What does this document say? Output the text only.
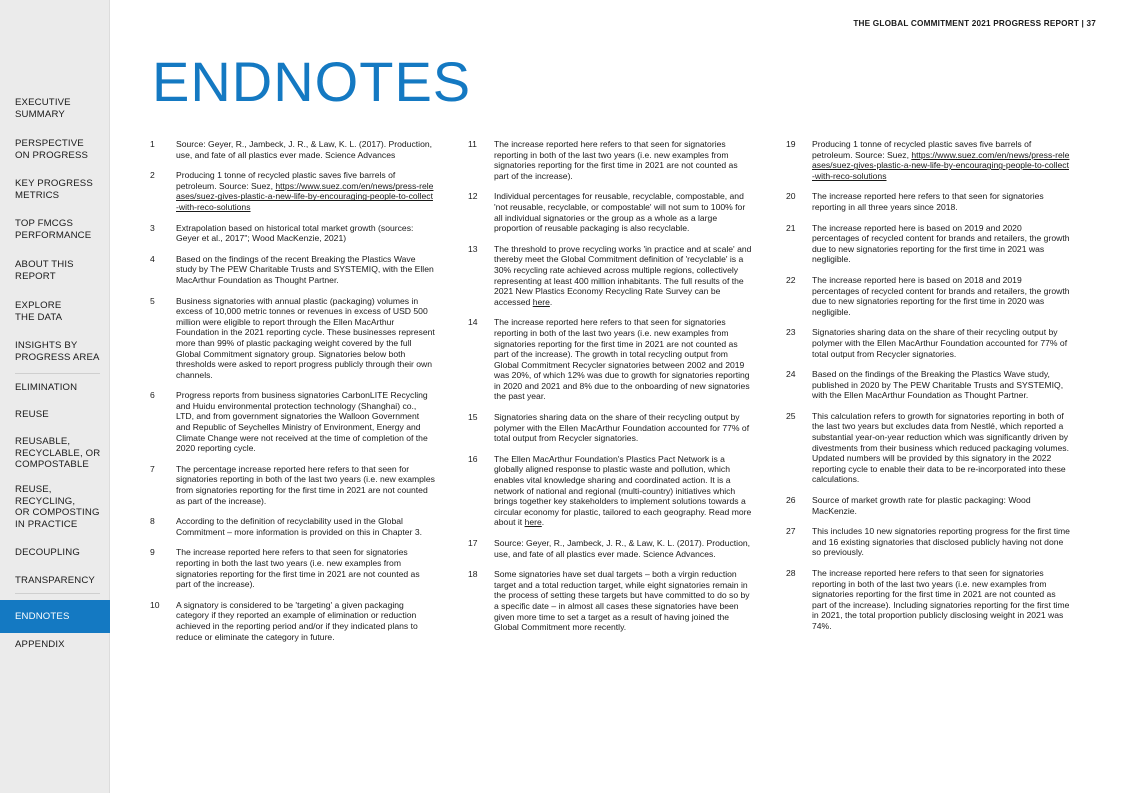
EXECUTIVE
SUMMARY
PERSPECTIVE
ON PROGRESS
KEY PROGRESS
METRICS
TOP FMCGS
PERFORMANCE
ABOUT THIS
REPORT
EXPLORE
THE DATA
INSIGHTS BY
PROGRESS AREA
ELIMINATION
REUSE
REUSABLE,
RECYCLABLE, OR
COMPOSTABLE
REUSE,
RECYCLING,
OR COMPOSTING
IN PRACTICE
DECOUPLING
TRANSPARENCY
ENDNOTES
APPENDIX
THE GLOBAL COMMITMENT 2021 PROGRESS REPORT | 37
ENDNOTES
1	Source: Geyer, R., Jambeck, J. R., & Law, K. L. (2017). Production, use, and fate of all plastics ever made. Science Advances
2	Producing 1 tonne of recycled plastic saves five barrels of petroleum. Source: Suez, https://www.suez.com/en/news/press-releases/suez-gives-plastic-a-new-life-by-encouraging-people-to-collect-with-reco-solutions
3	Extrapolation based on historical total market growth (sources: Geyer et al., 2017"; Wood MacKenzie, 2021)
4	Based on the findings of the recent Breaking the Plastics Wave study by The PEW Charitable Trusts and SYSTEMIQ, with the Ellen MacArthur Foundation as Thought Partner.
5	Business signatories with annual plastic (packaging) volumes in excess of 10,000 metric tonnes or revenues in excess of USD 500 million were eligible to report through the Ellen MacArthur Foundation in the 2021 reporting cycle. These businesses represent more than 99% of plastic packaging weight covered by the full Global Commitment signatory group. Signatories below both thresholds were asked to report progress publicly through their own channels.
6	Progress reports from business signatories CarbonLITE Recycling and Huidu environmental protection technology (Shanghai) co., LTD, and from government signatories the Walloon Government and Republic of Seychelles Ministry of Environment, Energy and Climate Change were not received at the time of completion of the 2020 reporting cycle.
7	The percentage increase reported here refers to that seen for signatories reporting in both of the last two years (i.e. new examples from signatories reporting for the first time in 2021 are not counted as part of the increase).
8	According to the definition of recyclability used in the Global Commitment – more information is provided on this in Chapter 3.
9	The increase reported here refers to that seen for signatories reporting in both the last two years (i.e. new examples from signatories reporting for the first time in 2021 are not counted as part of the increase).
10	A signatory is considered to be 'targeting' a given packaging category if they reported an example of elimination or reduction achieved in the reporting period and/or if they indicated plans to reduce or eliminate the category in future.
11	The increase reported here refers to that seen for signatories reporting in both of the last two years (i.e. new examples from signatories reporting for the first time in 2021 are not counted as part of the increase).
12	Individual percentages for reusable, recyclable, compostable, and 'not reusable, recyclable, or compostable' will not sum to 100% for all individual signatories or the group as a whole as a large proportion of reusable packaging is also recyclable.
13	The threshold to prove recycling works 'in practice and at scale' and thereby meet the Global Commitment definition of 'recyclable' is a 30% recycling rate achieved across multiple regions, collectively representing at least 400 million inhabitants. The full results of the 2021 New Plastics Economy Recycling Rate Survey can be accessed here.
14	The increase reported here refers to that seen for signatories reporting in both of the last two years (i.e. new examples from signatories reporting for the first time in 2021 are not counted as part of the increase). The growth in total recycling output from Global Commitment Recycler signatories between 2002 and 2019 was 20%, of which 12% was due to growth for signatories reporting in 2020 and 2021 and 8% due to the onboarding of new signatories the past year.
15	Signatories sharing data on the share of their recycling output by polymer with the Ellen MacArthur Foundation accounted for 77% of total output from Recycler signatories.
16	The Ellen MacArthur Foundation's Plastics Pact Network is a globally aligned response to plastic waste and pollution, which enables vital knowledge sharing and coordinated action. It is a network of national and regional (multi-country) initiatives which brings together key stakeholders to implement solutions towards a circular economy for plastic, tailored to each geography. Read more about it here.
17	Source: Geyer, R., Jambeck, J. R., & Law, K. L. (2017). Production, use, and fate of all plastics ever made. Science Advances.
18	Some signatories have set dual targets – both a virgin reduction target and a total reduction target, while eight signatories remain in the process of setting these targets but have committed to do so by a specific date – in almost all cases these signatories have been given more time to set a target as a result of having joined the Global Commitment more recently.
19	Producing 1 tonne of recycled plastic saves five barrels of petroleum. Source: Suez, https://www.suez.com/en/news/press-releases/suez-gives-plastic-a-new-life-by-encouraging-people-to-collect-with-reco-solutions
20	The increase reported here refers to that seen for signatories reporting in all three years since 2018.
21	The increase reported here is based on 2019 and 2020 percentages of recycled content for brands and retailers, the growth due to new signatories reporting for the first time in 2021 was negligible.
22	The increase reported here is based on 2018 and 2019 percentages of recycled content for brands and retailers, the growth due to new signatories reporting for the first time in 2020 was negligible.
23	Signatories sharing data on the share of their recycling output by polymer with the Ellen MacArthur Foundation accounted for 77% of total output from Recycler signatories.
24	Based on the findings of the Breaking the Plastics Wave study, published in 2020 by The PEW Charitable Trusts and SYSTEMIQ, with the Ellen MacArthur Foundation as Thought Partner.
25	This calculation refers to growth for signatories reporting in both of the last two years but excludes data from Nestlé, which reported a substantial year-on-year reduction which was significantly driven by divestments from their business which reduced packaging volumes. Updated numbers will be provided by this signatory in the 2022 reporting cycle to enable their data to be re-incorporated into these calculations.
26	Source of market growth rate for plastic packaging: Wood MacKenzie.
27	This includes 10 new signatories reporting progress for the first time and 16 existing signatories that disclosed publicly having not done so previously.
28	The increase reported here refers to that seen for signatories reporting in both of the last two years (i.e. new examples from signatories reporting for the first time in 2021 are not counted as part of the increase). Including signatories reporting for the first time in 2021, the total proportion publicly disclosing weight in 2021 was 74%.
